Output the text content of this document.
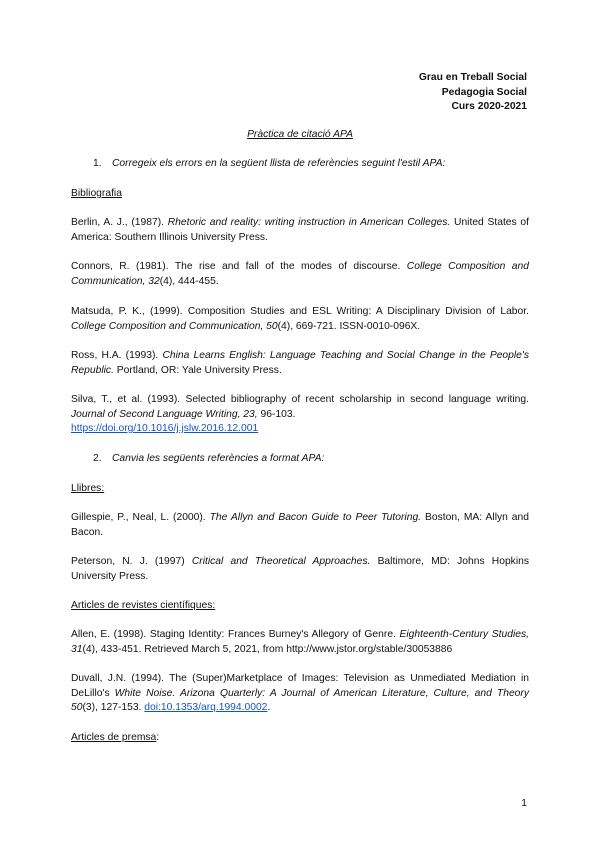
Grau en Treball Social
Pedagogia Social
Curs 2020-2021
Pràctica de citació APA
1. Corregeix els errors en la següent llista de referències seguint l'estil APA:
Bibliografia
Berlin, A. J., (1987). Rhetoric and reality: writing instruction in American Colleges. United States of America: Southern Illinois University Press.
Connors, R. (1981). The rise and fall of the modes of discourse. College Composition and Communication, 32(4), 444-455.
Matsuda, P. K., (1999). Composition Studies and ESL Writing: A Disciplinary Division of Labor. College Composition and Communication, 50(4), 669-721. ISSN-0010-096X.
Ross, H.A. (1993). China Learns English: Language Teaching and Social Change in the People's Republic. Portland, OR: Yale University Press.
Silva, T., et al. (1993). Selected bibliography of recent scholarship in second language writing. Journal of Second Language Writing, 23, 96-103.
https://doi.org/10.1016/j.jslw.2016.12.001
2. Canvia les següents referències a format APA:
Llibres:
Gillespie, P., Neal, L. (2000). The Allyn and Bacon Guide to Peer Tutoring. Boston, MA: Allyn and Bacon.
Peterson, N. J. (1997) Critical and Theoretical Approaches. Baltimore, MD: Johns Hopkins University Press.
Articles de revistes científiques:
Allen, E. (1998). Staging Identity: Frances Burney's Allegory of Genre. Eighteenth-Century Studies, 31(4), 433-451. Retrieved March 5, 2021, from http://www.jstor.org/stable/30053886
Duvall, J.N. (1994). The (Super)Marketplace of Images: Television as Unmediated Mediation in DeLillo's White Noise. Arizona Quarterly: A Journal of American Literature, Culture, and Theory 50(3), 127-153. doi:10.1353/arq.1994.0002.
Articles de premsa:
1
